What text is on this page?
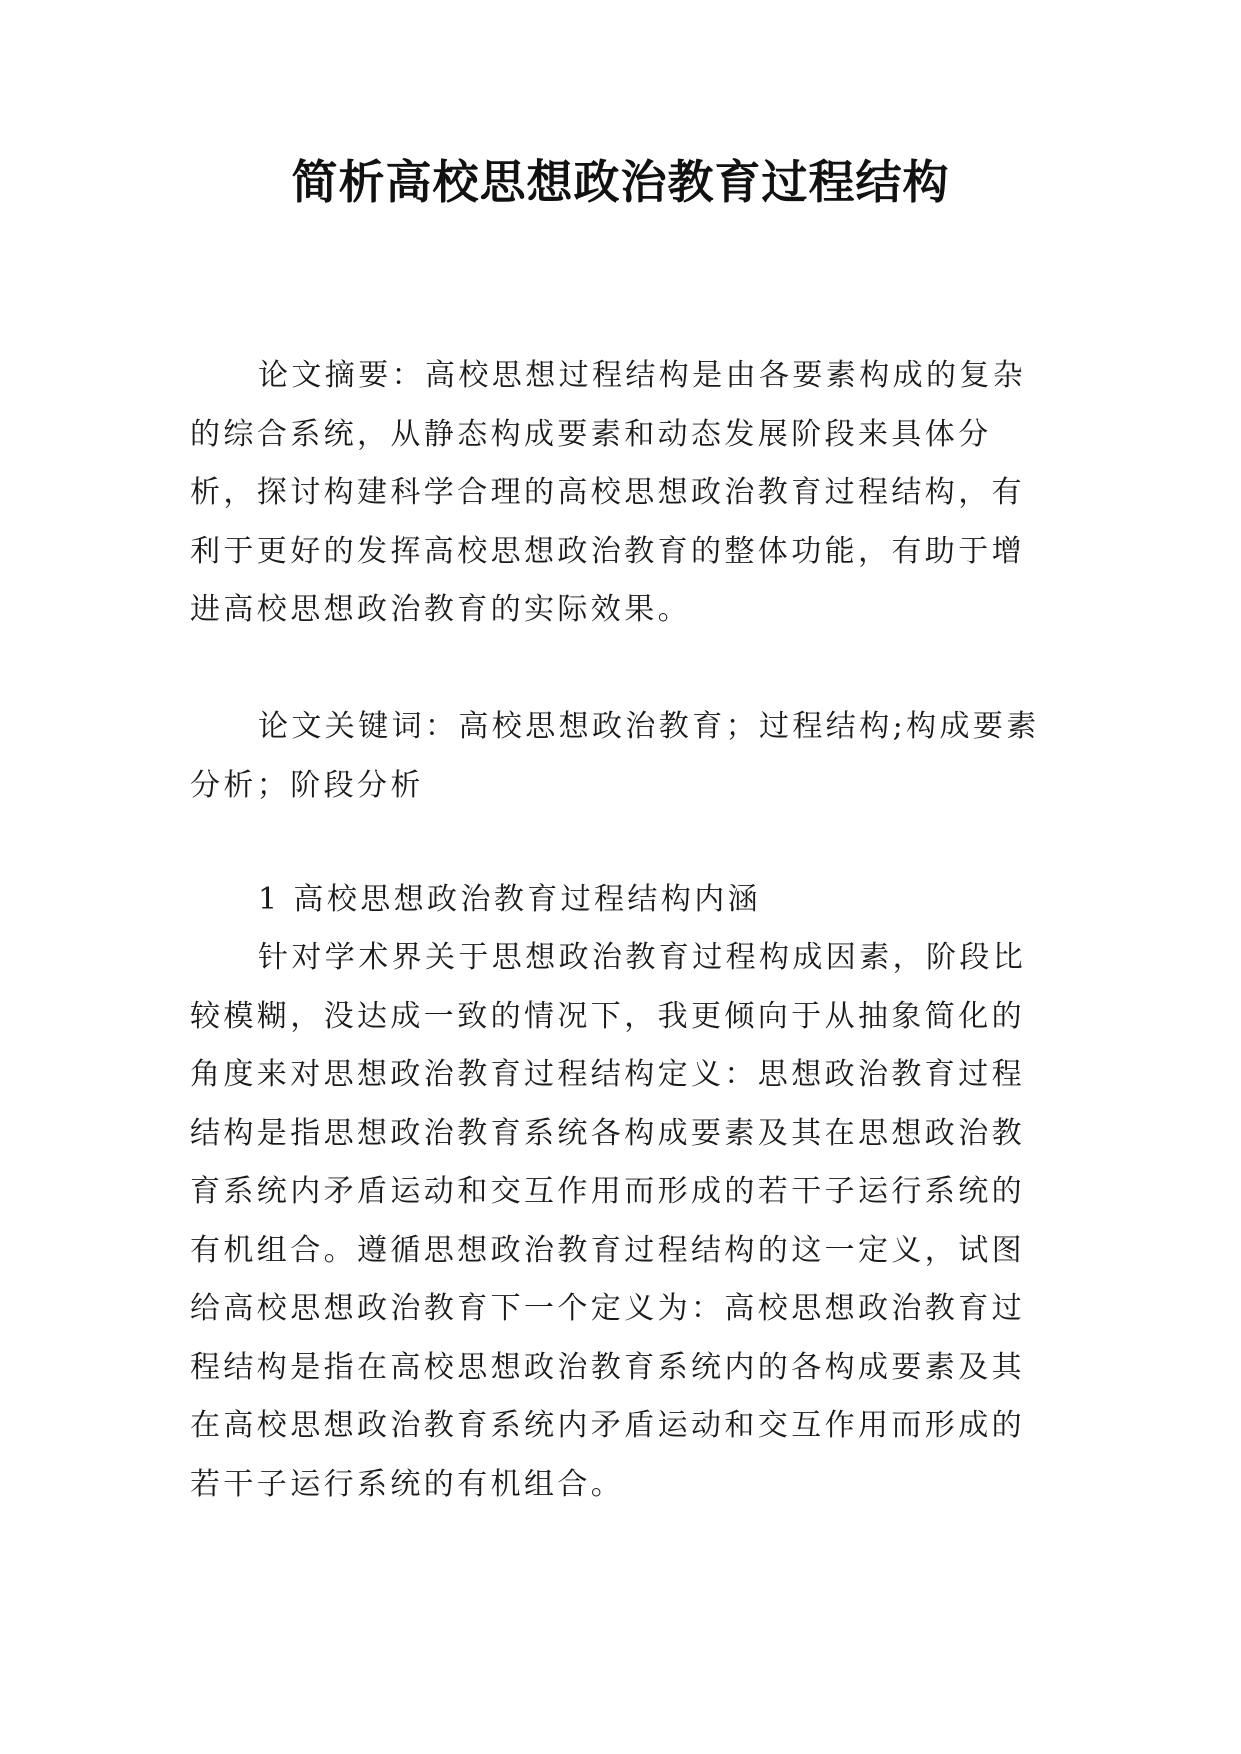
简析高校思想政治教育过程结构

论文摘要：高校思想过程结构是由各要素构成的复杂的综合系统，从静态构成要素和动态发展阶段来具体分析，探讨构建科学合理的高校思想政治教育过程结构，有利于更好的发挥高校思想政治教育的整体功能，有助于增进高校思想政治教育的实际效果。

论文关键词：高校思想政治教育；过程结构;构成要素分析；阶段分析

1 高校思想政治教育过程结构内涵

针对学术界关于思想政治教育过程构成因素，阶段比较模糊，没达成一致的情况下，我更倾向于从抽象简化的角度来对思想政治教育过程结构定义：思想政治教育过程结构是指思想政治教育系统各构成要素及其在思想政治教育系统内矛盾运动和交互作用而形成的若干子运行系统的有机组合。遵循思想政治教育过程结构的这一定义，试图给高校思想政治教育下一个定义为：高校思想政治教育过程结构是指在高校思想政治教育系统内的各构成要素及其在高校思想政治教育系统内矛盾运动和交互作用而形成的若干子运行系统的有机组合。
